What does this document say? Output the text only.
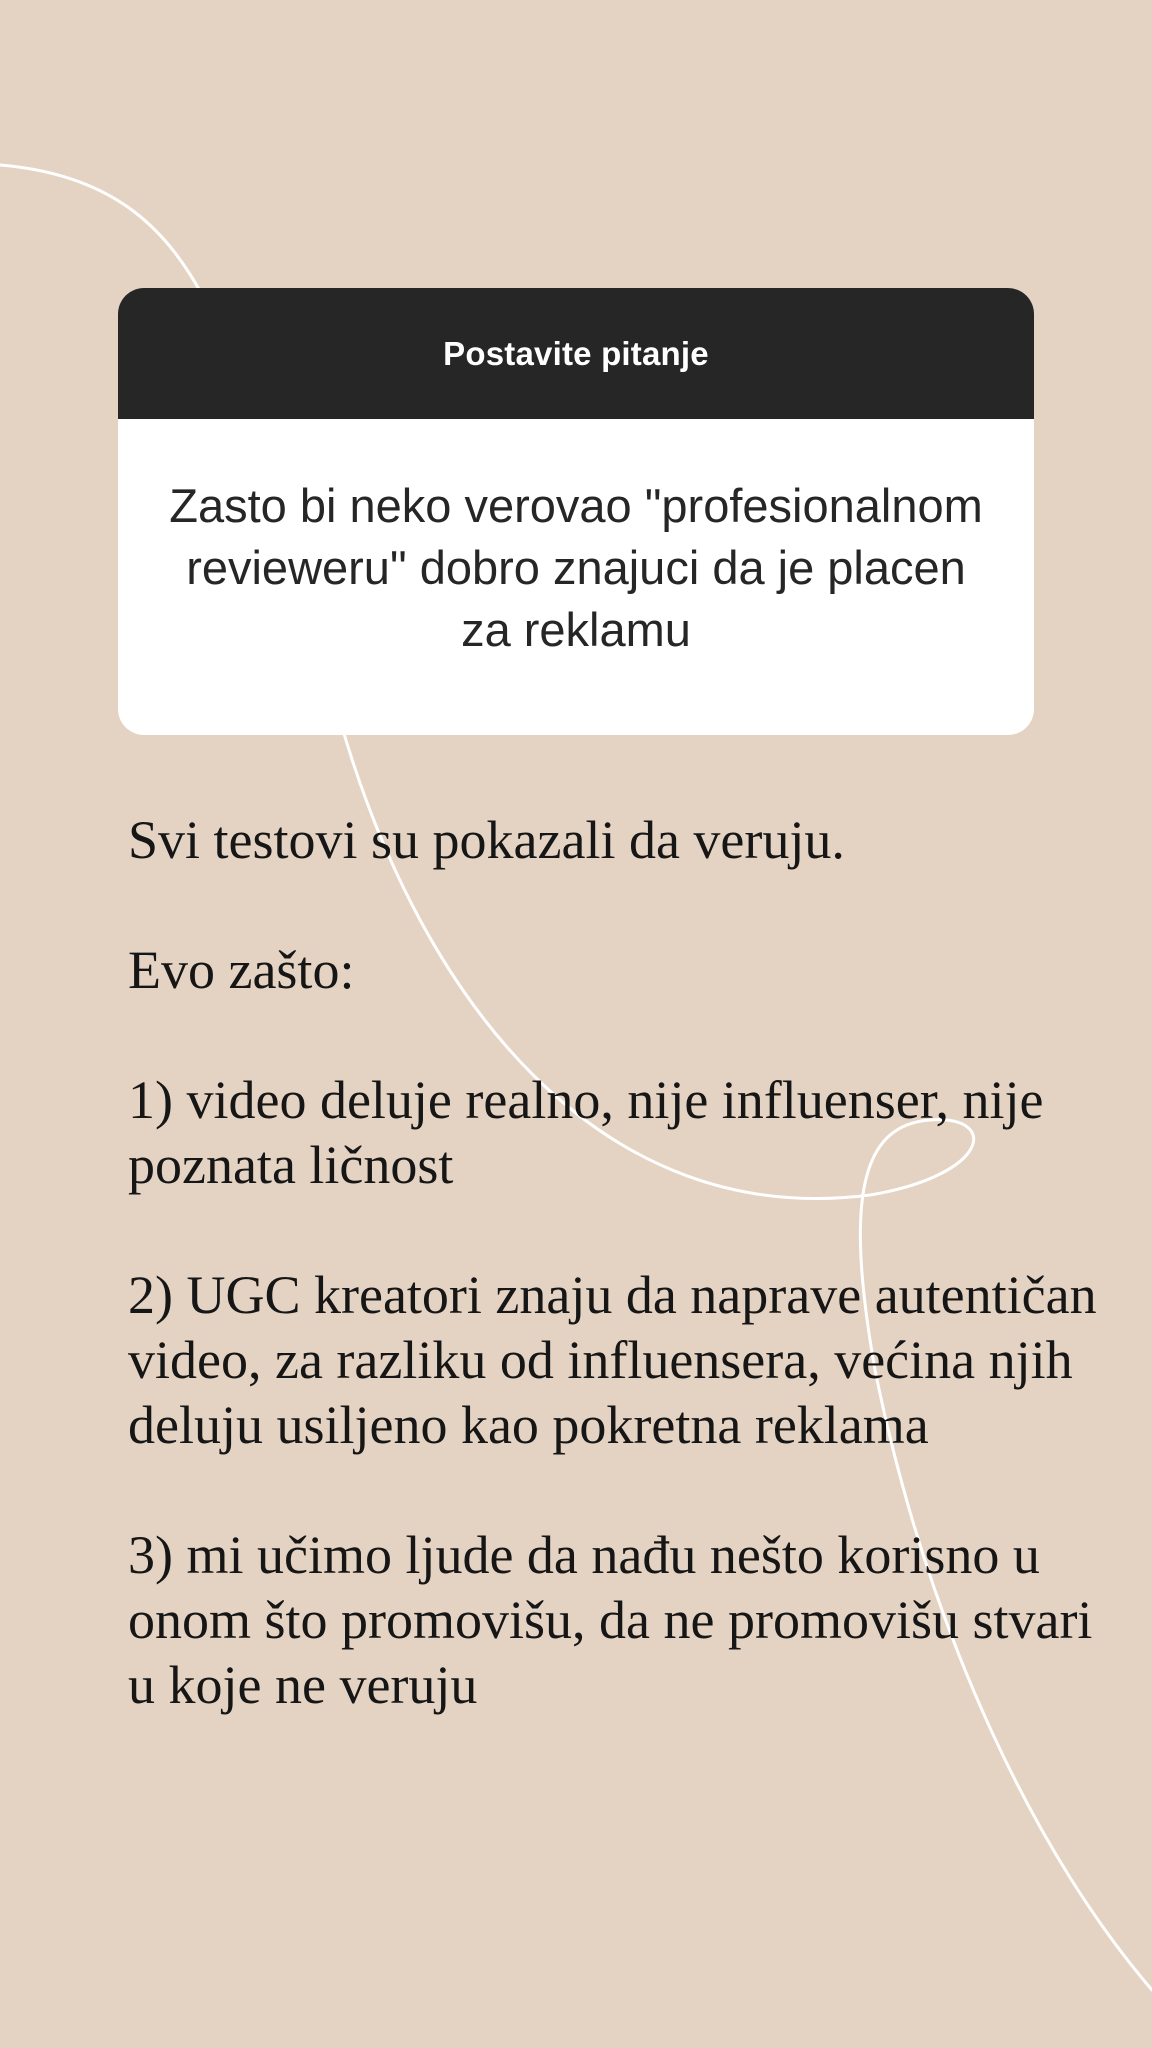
Postavite pitanje
Zasto bi neko verovao "profesionalnom revieweru" dobro znajuci da je placen za reklamu

Svi testovi su pokazali da veruju.

Evo zašto:

1) video deluje realno, nije influenser, nije poznata ličnost

2) UGC kreatori znaju da naprave autentičan video, za razliku od influensera, većina njih deluju usiljeno kao pokretna reklama

3) mi učimo ljude da nađu nešto korisno u onom što promovišu, da ne promovišu stvari u koje ne veruju
